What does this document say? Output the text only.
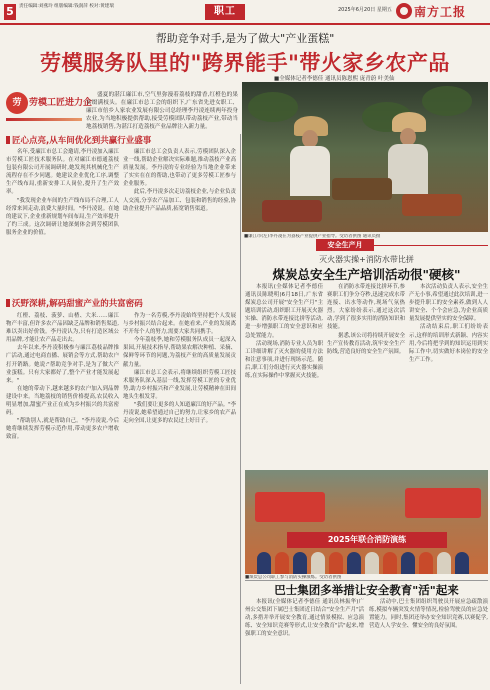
5	责任编辑:刘燕玲 组版编辑:钱润萍 校对:黄建瑞	职工	2025年6月20日 星期五 南方工报
帮助竞争对手,是为了做大"产业蛋糕"
劳模服务队里的"跨界能手"带火家乡农产品
■全媒体记者李德佳 通讯员陈恩熙 庞青蔚 叶美仙
劳 劳模工匠进力企
盛夏的湛江廉江市,空气里弥漫着荔枝的甜香,红橙色的果实缀满枝头。在廉江市总工会的组织下,广东省先进女职工、廉江市倍乡人家农业发展有限公司总经理李丹凌连续两年投身农业,为当地积极提供帮助,接受劳模团队带动荔枝产业,带动当地荔枝销售,为湛江打造荔枝产业品牌注入新力量。
■廉江市(左)李丹凌在为荔枝产业提供产业指导。受访者供图 通讯员摄
匠心点亮,从车间优化到共赢行业盛事

名年,受廉江市总工会邀请,李丹凌加入廉江市劳模工匠技术服务队。在对廉江市德通荔枝包装有限公司开展调研时,她发现其机械化生产流程存在不少问题。她建议企业优化工序,调整生产线布局,重新安排工人岗位,提升了生产效率。

"我发现企业车间的生产线布局不合理,工人经常来回走动,浪费大量时间。"李丹凌说。在她的建议下,企业重新规划车间布局,生产效率提升了约三成。这次调研让她深刻体会到劳模团队服务企业的价值。

廉江市总工会负责人表示,劳模团队深入企业一线,帮助企业解决实际难题,推动荔枝产业高质量发展。李丹凌的专业经验为当地企业带来了实实在在的帮助,也带动了更多劳模工匠参与企业服务。

此后,李丹凌多次走访荔枝企业,与企业负责人交流,分享农产品加工、包装和销售的经验,协助企业提升产品品质,拓宽销售渠道。

沃野深耕,解码甜蜜产业的共富密码

红橙、荔枝、菠萝、山楂、大米……廉江物产丰富,但许多农产品因缺乏品牌和销售渠道,难以卖出好价钱。李丹凌认为,只有打造区域公用品牌,才能让农产品走出去。

去年以来,李丹凌积极参与廉江荔枝品牌推广活动,通过电商直播、展销会等方式,帮助农户打开销路。她说:"帮助竞争对手,是为了做大产业蛋糕。只有大家都好了,整个产业才能发展起来。"

在她的带动下,越来越多的农户加入到品牌建设中来。当地荔枝的销售价格提高,农民收入明显增加,甜蜜产业正在成为乡村振兴的共富密码。

"帮助别人,就是帮助自己。"李丹凌说,今后她将继续发挥劳模示范作用,带动更多农户增收致富。

作为一名劳模,李丹凌始终坚持把个人发展与乡村振兴结合起来。在她看来,产业的发展离不开每个人的努力,需要大家共同携手。

今年荔枝季,她和劳模服务队成员一起深入果园,开展技术指导,帮助果农解决种植、采摘、保鲜等环节的问题,为荔枝产业的高质量发展贡献力量。

廉江市总工会表示,将继续组织劳模工匠技术服务队深入基层一线,发挥劳模工匠的专业优势,助力乡村振兴和产业发展,让劳模精神在田间地头生根发芽。

"我们要让更多的人知道廉江的好产品。"李丹凌说,她希望通过自己的努力,让家乡的农产品走向全国,让更多的农民过上好日子。

安全生产月
灭火器实操+消防水带比拼
煤炭总安全生产培训活动很"硬核"

本报讯(全媒体记者李德佳 通讯员陈晓明)6月18日,广东省煤炭总公司开展"安全生产月"主题培训活动,组织职工开展灭火器实操、消防水带连接比拼等活动,进一步增强职工的安全意识和应急处置能力。

活动现场,消防专业人员为职工详细讲解了灭火器的使用方法和注意事项,并进行现场示范。随后,职工们分组进行灭火器实操演练,在实际操作中掌握灭火技能。

在消防水带连接比拼环节,参赛职工们争分夺秒,迅速完成水带连接、出水等动作,现场气氛热烈。大家纷纷表示,通过这次活动,学到了很多实用的消防知识和技能。

据悉,该公司将持续开展安全生产宣传教育活动,筑牢安全生产防线,营造良好的安全生产氛围。

本次活动负责人表示,安全生产无小事,希望通过此次培训,进一步提升职工的安全素养,做到人人讲安全、个个会应急,为企业高质量发展提供坚实的安全保障。

活动结束后,职工们纷纷表示,这样的培训形式新颖、内容实用,今后将把学到的知识运用到实际工作中,切实做好本岗位的安全生产工作。

2025年联合消防演练
■煤炭总公司职工参与消防实操演练。受访者供图
巴士集团多举措让安全教育"活"起来

本报讯(全媒体记者李德佳 通讯员林振华)广州公交集团下属巴士集团近日结合"安全生产月"活动,多措并举开展安全教育,通过情景模拟、应急演练、安全知识竞赛等形式,让安全教育"活"起来,增强职工的安全意识。

活动中,巴士集团组织驾驶员开展应急疏散演练,模拟车辆突发火情等情况,检验驾驶员的应急处置能力。同时,集团还举办安全知识竞赛,以赛促学,营造人人学安全、懂安全的良好氛围。
